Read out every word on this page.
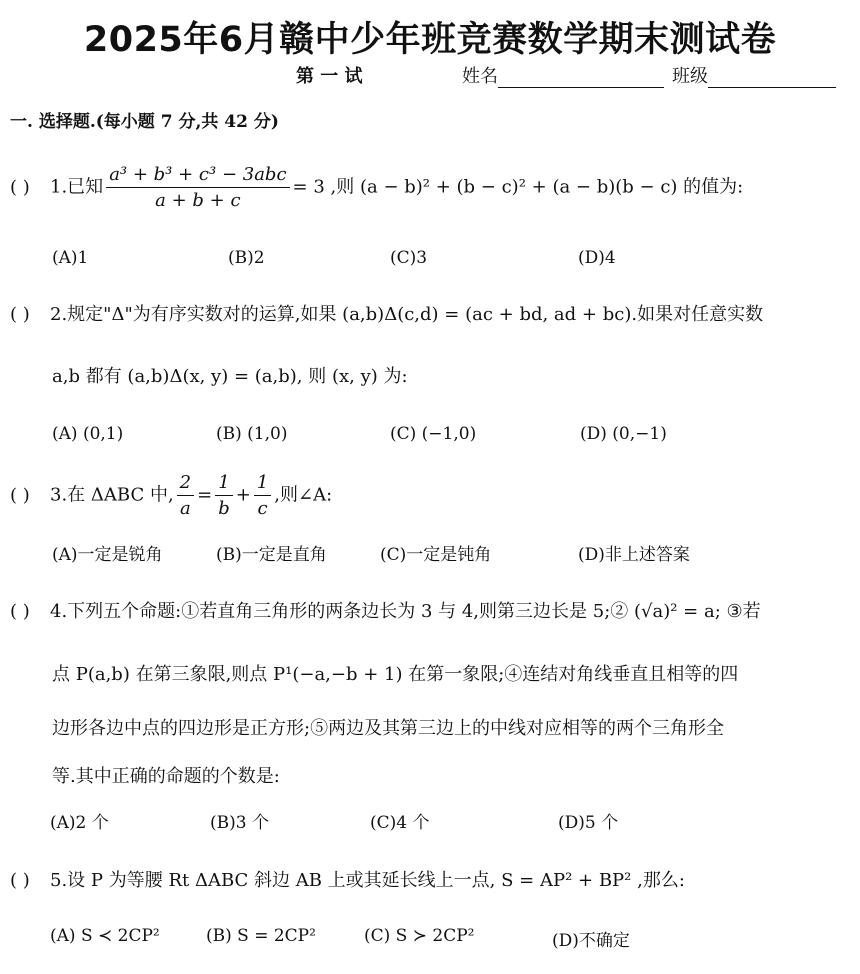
2025年6月赣中少年班竞赛数学期末测试卷
第 一 试	姓名	班级
一. 选择题.(每小题 7 分,共 42 分)
( ) 1.已知 $\frac{\text{a³ + b³ + c³ − 3abc}}{a + b + c} = 3$ ,则 (a − b)² + (b − c)² + (a − b)(b − c) 的值为:
(A)1	(B)2	(C)3	(D)4
( ) 2.规定"Δ"为有序实数对的运算,如果 (a,b)Δ(c,d) = (ac + bd, ad + bc).如果对任意实数
a,b 都有 (a,b)Δ(x, y) = (a,b), 则 (x, y) 为:
(A) (0,1)	(B) (1,0)	(C) (−1,0)	(D) (0,−1)
( ) 3.在 ΔABC 中, $\frac{2}{a} = \frac{1}{b} + \frac{1}{c}$ ,则∠A:
(A)一定是锐角	(B)一定是直角	(C)一定是钝角	(D)非上述答案
( ) 4.下列五个命题:①若直角三角形的两条边长为 3 与 4,则第三边长是 5;② (√a)² = a; ③若
点 P(a,b) 在第三象限,则点 P¹(−a,−b + 1) 在第一象限;④连结对角线垂直且相等的四
边形各边中点的四边形是正方形;⑤两边及其第三边上的中线对应相等的两个三角形全
等.其中正确的命题的个数是:
(A)2 个	(B)3 个	(C)4 个	(D)5 个
( ) 5.设 P 为等腰 Rt ΔABC 斜边 AB 上或其延长线上一点, S = AP² + BP² ,那么:
(A) S ≺ 2CP²	(B) S = 2CP²	(C) S ≻ 2CP²	(D)不确定
